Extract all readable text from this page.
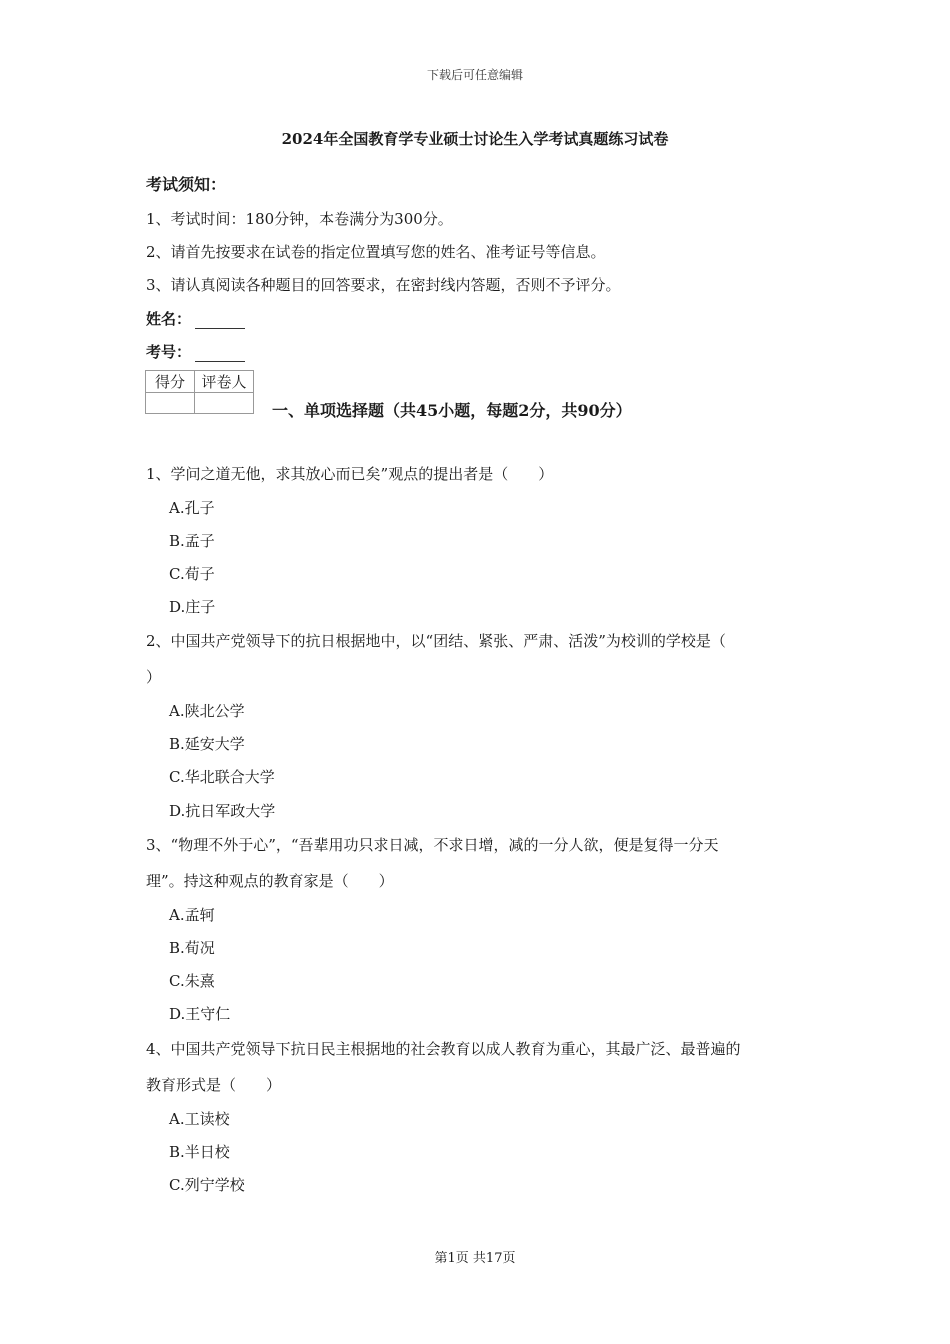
下载后可任意编辑
2024年全国教育学专业硕士讨论生入学考试真题练习试卷
考试须知：
1、考试时间：180分钟，本卷满分为300分。
2、请首先按要求在试卷的指定位置填写您的姓名、准考证号等信息。
3、请认真阅读各种题目的回答要求，在密封线内答题，否则不予评分。
姓名：
考号：
得分	评卷人

一、单项选择题（共45小题，每题2分，共90分）
1、学问之道无他，求其放心而已矣”观点的提出者是（　　）
A.孔子
B.孟子
C.荀子
D.庄子
2、中国共产党领导下的抗日根据地中，以“团结、紧张、严肃、活泼”为校训的学校是（
）
A.陕北公学
B.延安大学
C.华北联合大学
D.抗日军政大学
3、“物理不外于心”，“吾辈用功只求日减，不求日增，减的一分人欲，便是复得一分天
理”。持这种观点的教育家是（　　）
A.孟轲
B.荀况
C.朱熹
D.王守仁
4、中国共产党领导下抗日民主根据地的社会教育以成人教育为重心，其最广泛、最普遍的
教育形式是（　　）
A.工读校
B.半日校
C.列宁学校
第1页 共17页
